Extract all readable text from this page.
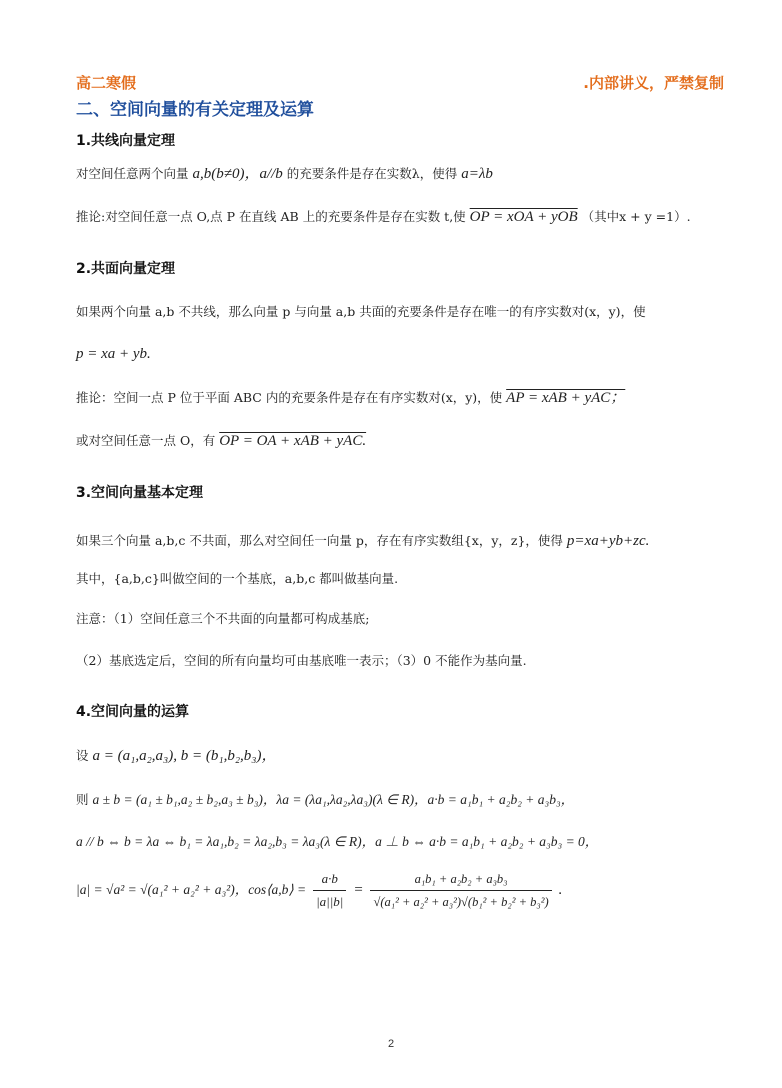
高二寒假	.内部讲义，严禁复制
二、空间向量的有关定理及运算
1.共线向量定理
对空间任意两个向量 a,b(b≠0)，a//b 的充要条件是存在实数λ，使得 a=λb
推论:对空间任意一点 O,点 P 在直线 AB 上的充要条件是存在实数 t,使 OP = xOA + yOB （其中x + y =1）.
2.共面向量定理
如果两个向量 a,b 不共线，那么向量 p 与向量 a,b 共面的充要条件是存在唯一的有序实数对(x，y)，使
p = xa + yb.
推论：空间一点 P 位于平面 ABC 内的充要条件是存在有序实数对(x，y)，使 AP = xAB + yAC；
或对空间任意一点 O，有 OP = OA + xAB + yAC.
3.空间向量基本定理
如果三个向量 a,b,c 不共面，那么对空间任一向量 p，存在有序实数组{x，y，z}，使得 p=xa+yb+zc.
其中，{a,b,c}叫做空间的一个基底，a,b,c 都叫做基向量.
注意：（1）空间任意三个不共面的向量都可构成基底;
（2）基底选定后，空间的所有向量均可由基底唯一表示；（3）0 不能作为基向量.
4.空间向量的运算
设 a = (a₁,a₂,a₃), b = (b₁,b₂,b₃)，
则 a ± b = (a₁ ± b₁,a₂ ± b₂,a₃ ± b₃)，λa = (λa₁,λa₂,λa₃)(λ ∈ R)，a·b = a₁b₁ + a₂b₂ + a₃b₃，
a // b ⇔ b = λa ⇔ b₁ = λa₁,b₂ = λa₂,b₃ = λa₃(λ ∈ R)，a ⊥ b ⇔ a·b = a₁b₁ + a₂b₂ + a₃b₃ = 0，
|a| = √a² = √(a₁² + a₂² + a₃²)，cos⟨a,b⟩ = $\frac{a\cdot b}{|a||b|} = \frac{\text{a₁b₁ + a₂b₂ + a₃b₃}}{\text{√(a₁² + a₂² + a₃²)√(b₁² + b₂² + b₃²)}}$ .
2
